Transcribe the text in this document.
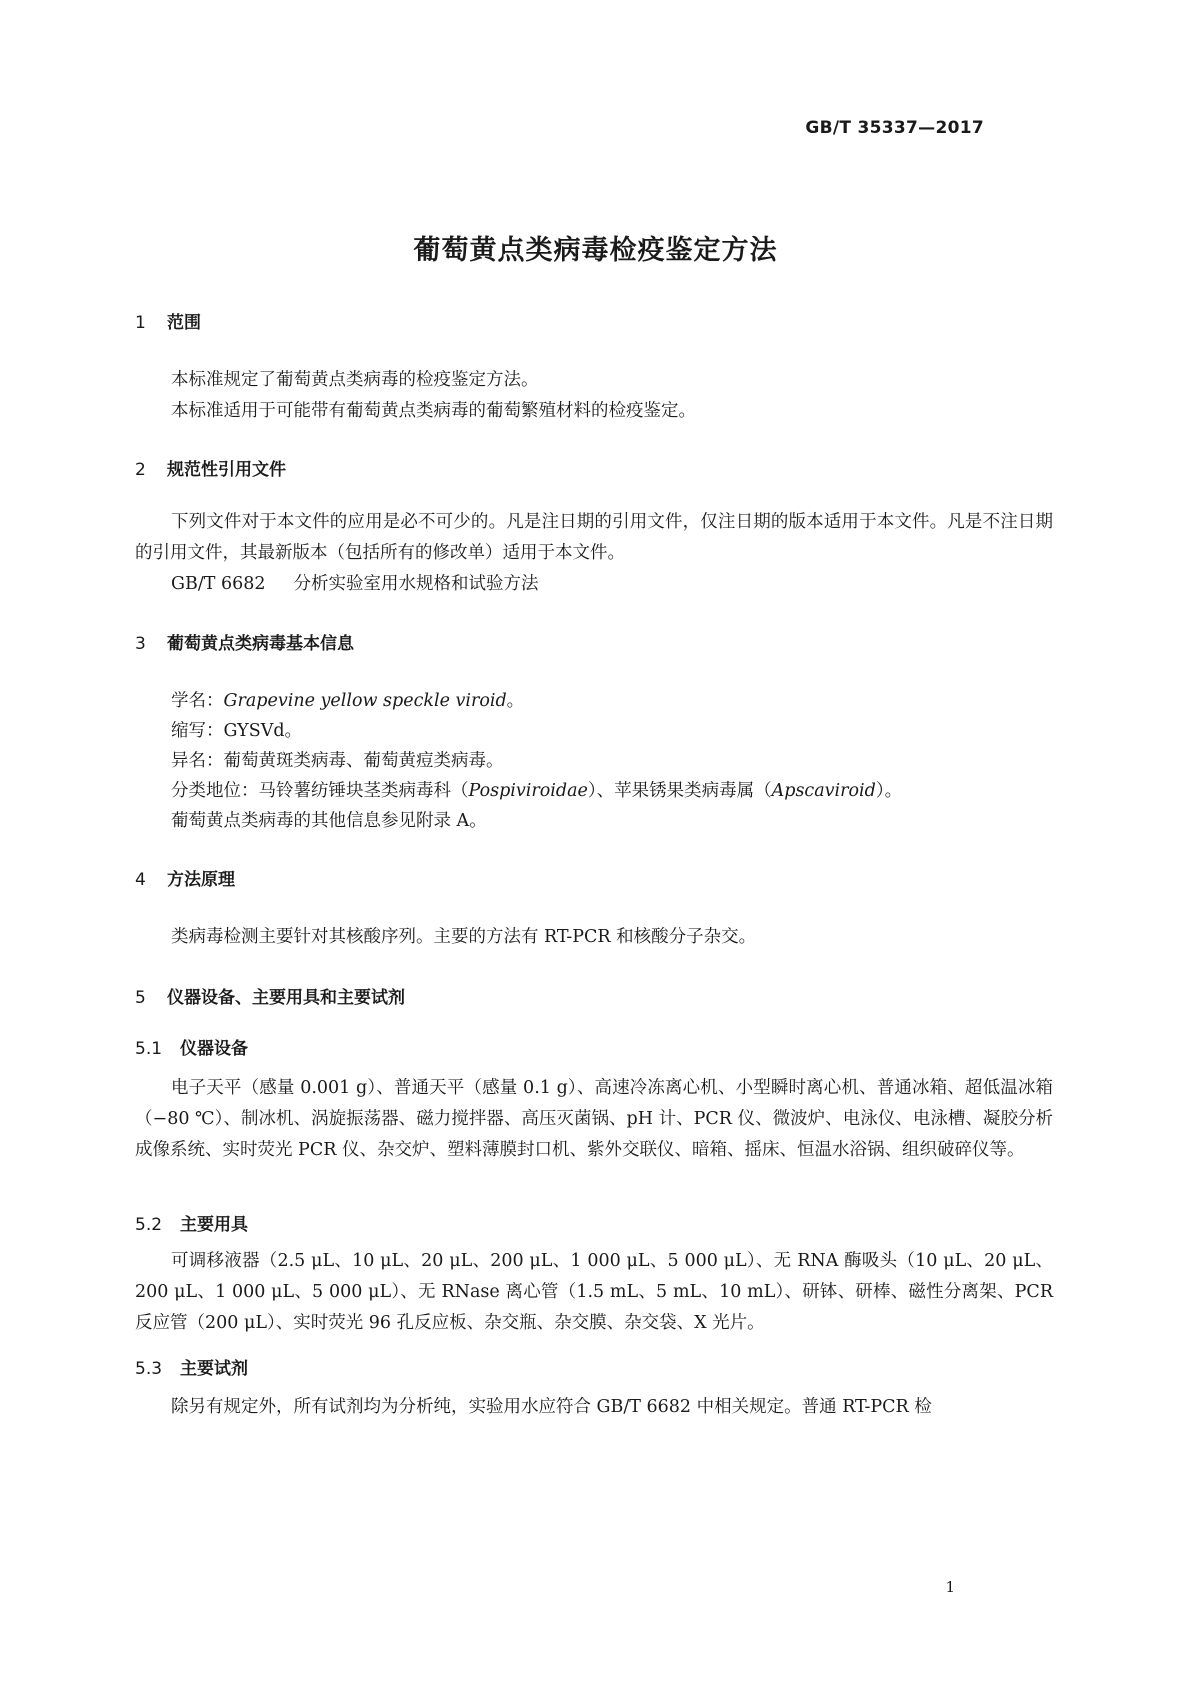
GB/T 35337—2017
葡萄黄点类病毒检疫鉴定方法
1 范围
本标准规定了葡萄黄点类病毒的检疫鉴定方法。
本标准适用于可能带有葡萄黄点类病毒的葡萄繁殖材料的检疫鉴定。
2 规范性引用文件
下列文件对于本文件的应用是必不可少的。凡是注日期的引用文件，仅注日期的版本适用于本文件。凡是不注日期的引用文件，其最新版本（包括所有的修改单）适用于本文件。
GB/T 6682 分析实验室用水规格和试验方法
3 葡萄黄点类病毒基本信息
学名：Grapevine yellow speckle viroid。
缩写：GYSVd。
异名：葡萄黄斑类病毒、葡萄黄痘类病毒。
分类地位：马铃薯纺锤块茎类病毒科（Pospiviroidae）、苹果锈果类病毒属（Apscaviroid）。
葡萄黄点类病毒的其他信息参见附录 A。
4 方法原理
类病毒检测主要针对其核酸序列。主要的方法有 RT-PCR 和核酸分子杂交。
5 仪器设备、主要用具和主要试剂
5.1 仪器设备
电子天平（感量 0.001 g）、普通天平（感量 0.1 g）、高速冷冻离心机、小型瞬时离心机、普通冰箱、超低温冰箱（−80 ℃）、制冰机、涡旋振荡器、磁力搅拌器、高压灭菌锅、pH 计、PCR 仪、微波炉、电泳仪、电泳槽、凝胶分析成像系统、实时荧光 PCR 仪、杂交炉、塑料薄膜封口机、紫外交联仪、暗箱、摇床、恒温水浴锅、组织破碎仪等。
5.2 主要用具
可调移液器（2.5 μL、10 μL、20 μL、200 μL、1 000 μL、5 000 μL）、无 RNA 酶吸头（10 μL、20 μL、200 μL、1 000 μL、5 000 μL）、无 RNase 离心管（1.5 mL、5 mL、10 mL）、研钵、研棒、磁性分离架、PCR 反应管（200 μL）、实时荧光 96 孔反应板、杂交瓶、杂交膜、杂交袋、X 光片。
5.3 主要试剂
除另有规定外，所有试剂均为分析纯，实验用水应符合 GB/T 6682 中相关规定。普通 RT-PCR 检
1
